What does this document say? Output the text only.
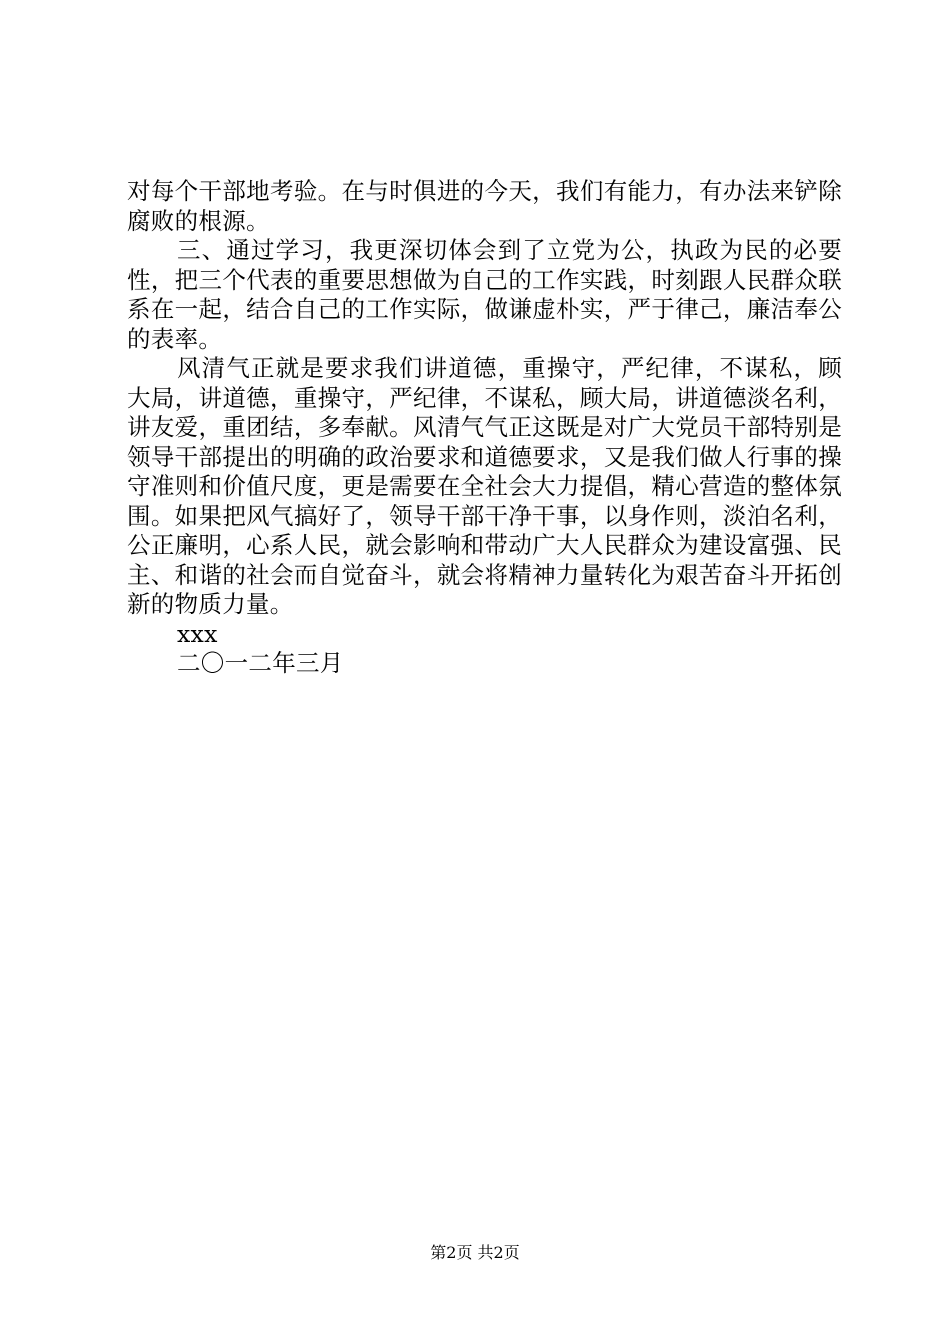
对每个干部地考验。在与时俱进的今天，我们有能力，有办法来铲除腐败的根源。

三、通过学习，我更深切体会到了立党为公，执政为民的必要性，把三个代表的重要思想做为自己的工作实践，时刻跟人民群众联系在一起，结合自己的工作实际，做谦虚朴实，严于律己，廉洁奉公的表率。

风清气正就是要求我们讲道德，重操守，严纪律，不谋私，顾大局，讲道德，重操守，严纪律，不谋私，顾大局，讲道德淡名利，讲友爱，重团结，多奉献。风清气气正这既是对广大党员干部特别是领导干部提出的明确的政治要求和道德要求，又是我们做人行事的操守准则和价值尺度，更是需要在全社会大力提倡，精心营造的整体氛围。如果把风气搞好了，领导干部干净干事，以身作则，淡泊名利，公正廉明，心系人民，就会影响和带动广大人民群众为建设富强、民主、和谐的社会而自觉奋斗，就会将精神力量转化为艰苦奋斗开拓创新的物质力量。

xxx

二〇一二年三月

第2页 共2页
